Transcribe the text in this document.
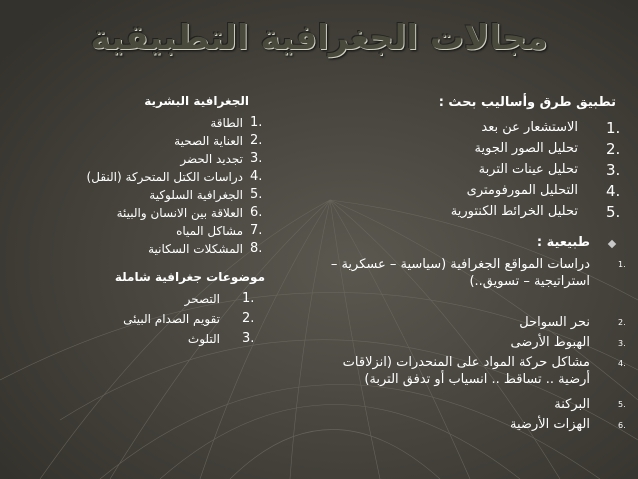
مجالات الجغرافية التطبيقية
تطبيق طرق وأساليب بحث :
الاستشعار عن بعد 1.
تحليل الصور الجوية 2.
تحليل عينات التربة 3.
التحليل المورفومترى 4.
تحليل الخرائط الكنتورية 5.
طبيعية :
دراسات المواقع الجغرافية (سياسية – عسكرية –
استراتيجية – تسويق..)
1.
نحر السواحل	2.
الهبوط الأرضى	3.
مشاكل حركة المواد على المنحدرات (انزلاقات
أرضية .. تساقط .. انسياب أو تدفق التربة)
4.
البركنة	5.
الهزات الأرضية	6.
الجغرافية البشرية
الطاقة 1.
العناية الصحية 2.
تجديد الحضر 3.
دراسات الكتل المتحركة (النقل) 4.
الجغرافية السلوكية 5.
العلاقة بين الانسان والبيئة 6.
مشاكل المياه 7.
المشكلات السكانية 8.
موضوعات جغرافية شاملة
التصحر 1.
تقويم الصدام البيئى 2.
التلوث 3.
